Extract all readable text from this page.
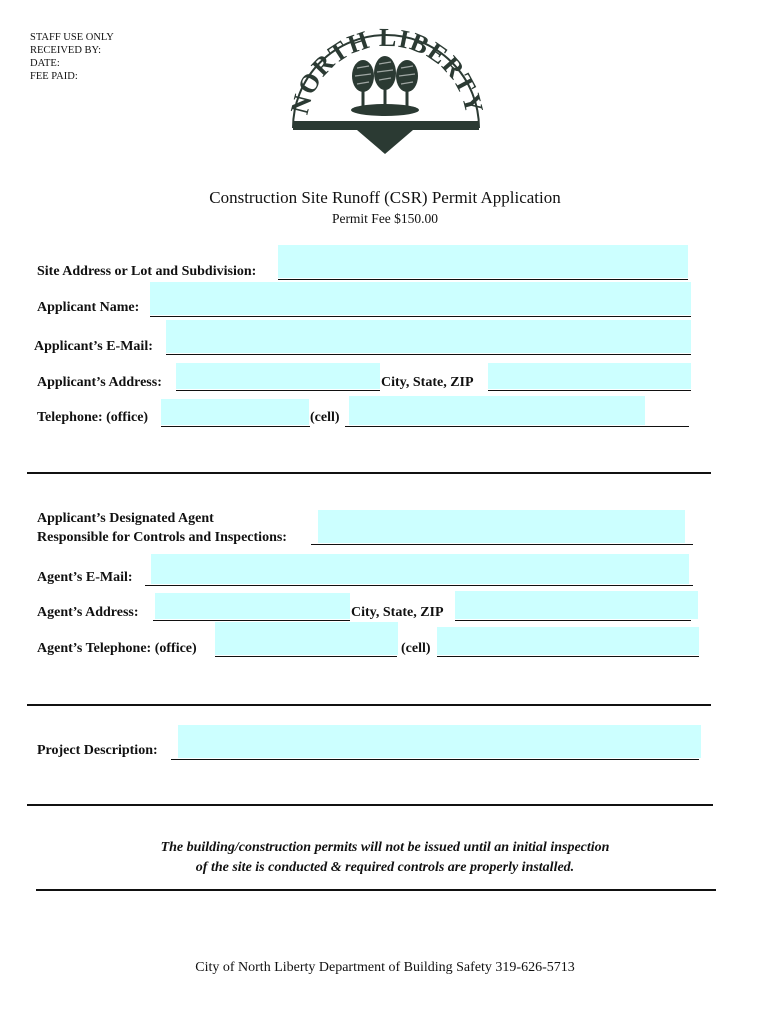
STAFF USE ONLY
RECEIVED BY:
DATE:
FEE PAID:
NORTH LIBERT
Construction Site Runoff (CSR) Permit Application
Permit Fee $150.00
Site Address or Lot and Subdivision:
Applicant Name:
Applicant’s E-Mail:
Applicant’s Address:	City, State, ZIP
Telephone: (office)	(cell)
Applicant’s Designated Agent
Responsible for Controls and Inspections:
Agent’s E-Mail:
Agent’s Address:	City, State, ZIP
Agent’s Telephone: (office)	(cell)
Project Description:
The building/construction permits will not be issued until an initial inspection
of the site is conducted & required controls are properly installed.
City of North Liberty Department of Building Safety 319-626-5713
